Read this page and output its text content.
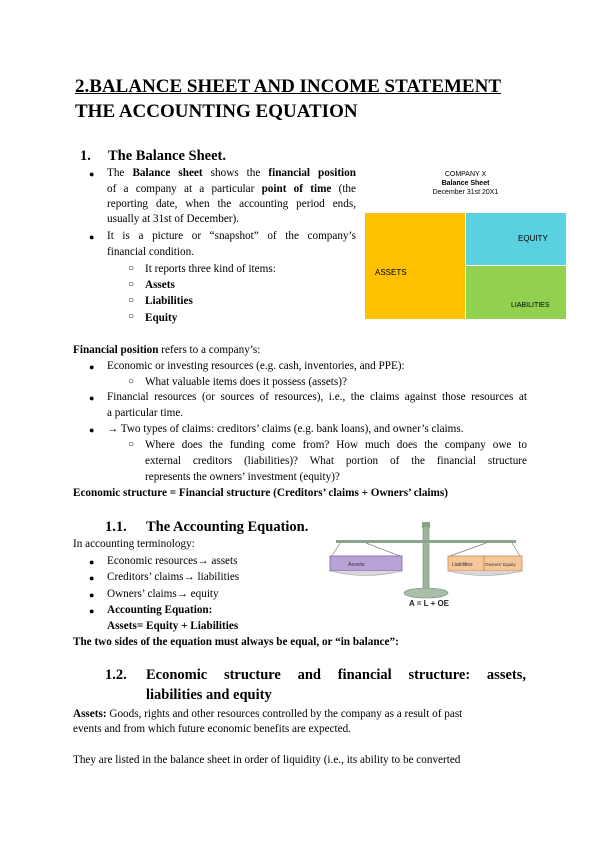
2.BALANCE SHEET AND INCOME STATEMENT
THE ACCOUNTING EQUATION
1. The Balance Sheet.
● The Balance sheet shows the financial position
of a company at a particular point of time (the
reporting date, when the accounting period ends,
usually at 31st of December).
● It is a picture or “snapshot” of the company’s
financial condition.
○ It reports three kind of items:
○ Assets
○ Liabilities
○ Equity
COMPANY X
Balance Sheet
December 31st 20X1
ASSETS
EQUITY
LIABILITIES
Financial position refers to a company’s:
● Economic or investing resources (e.g. cash, inventories, and PPE):
○ What valuable items does it possess (assets)?
● Financial resources (or sources of resources), i.e., the claims against those resources at
a particular time.
● → Two types of claims: creditors’ claims (e.g. bank loans), and owner’s claims.
○ Where does the funding come from? How much does the company owe to
external creditors (liabilities)? What portion of the financial structure
represents the owners’ investment (equity)?
Economic structure = Financial structure (Creditors’ claims + Owners’ claims)
1.1. The Accounting Equation.
In accounting terminology:
● Economic resources→ assets
● Creditors’ claims→ liabilities
● Owners’ claims→ equity
● Accounting Equation:
Assets= Equity + Liabilities
The two sides of the equation must always be equal, or “in balance”:
Assets	Liabilities	Owners' Equity
A = L + OE
1.2. Economic structure and financial structure: assets,
liabilities and equity
Assets: Goods, rights and other resources controlled by the company as a result of past
events and from which future economic benefits are expected.
They are listed in the balance sheet in order of liquidity (i.e., its ability to be converted
